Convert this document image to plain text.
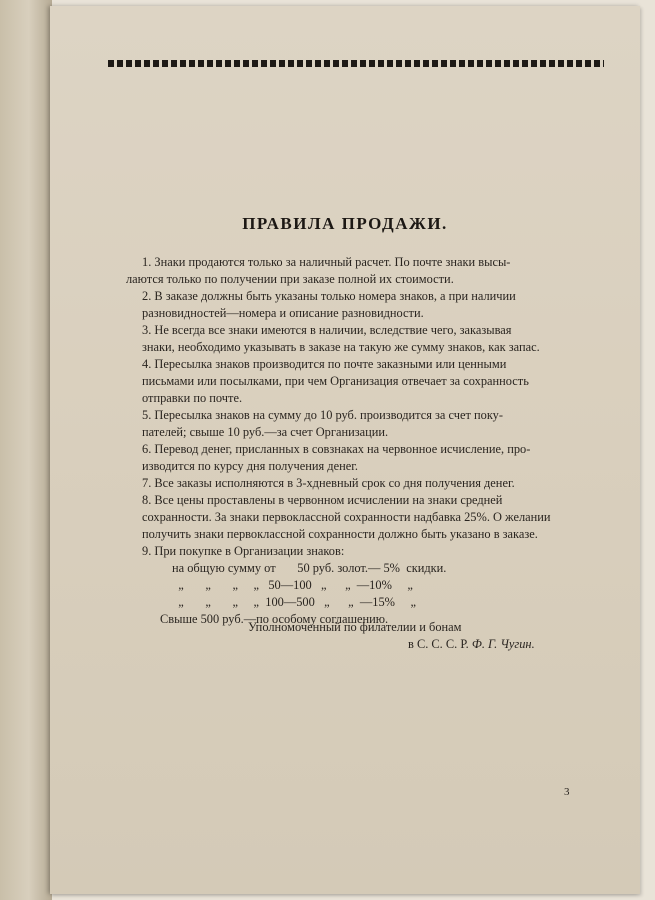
ПРАВИЛА ПРОДАЖИ.

1. Знаки продаются только за наличный расчет. По почте знаки высы-
лаются только по получении при заказе полной их стоимости.

2. В заказе должны быть указаны только номера знаков, а при наличии
разновидностей—номера и описание разновидности.

3. Не всегда все знаки имеются в наличии, вследствие чего, заказывая
знаки, необходимо указывать в заказе на такую же сумму знаков, как запас.

4. Пересылка знаков производится по почте заказными или ценными
письмами или посылками, при чем Организация отвечает за сохранность
отправки по почте.

5. Пересылка знаков на сумму до 10 руб. производится за счет поку-
пателей; свыше 10 руб.—за счет Организации.

6. Перевод денег, присланных в совзнаках на червонное исчисление, про-
изводится по курсу дня получения денег.

7. Все заказы исполняются в 3-хдневный срок со дня получения денег.

8. Все цены проставлены в червонном исчислении на знаки средней
сохранности. За знаки первоклассной сохранности надбавка 25%. О желании
получить знаки первоклассной сохранности должно быть указано в заказе.

9. При покупке в Организации знаков:

на общую сумму от       50 руб. золот.— 5%  скидки.
„       „       „     „   50—100   „      „  —10%     „
„       „       „     „  100—500   „      „  —15%     „

Свыше 500 руб.—по особому соглашению.

Уполномоченный по филателии и бонам
в С. С. С. Р. Ф. Г. Чугин.
3
